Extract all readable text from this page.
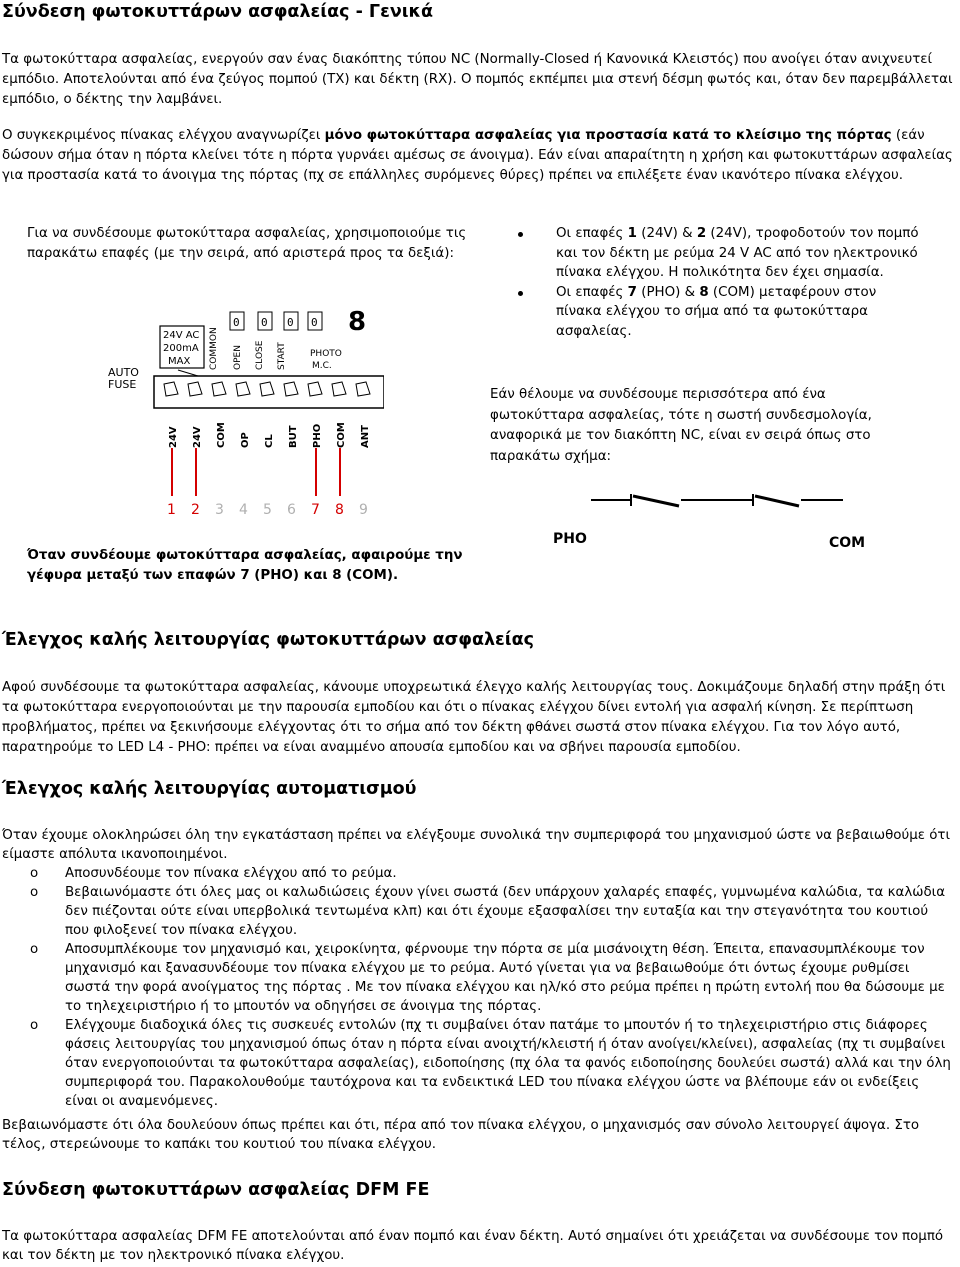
Σύνδεση φωτοκυττάρων ασφαλείας - Γενικά

Τα φωτοκύτταρα ασφαλείας, ενεργούν σαν ένας διακόπτης τύπου NC (Normally-Closed ή Κανονικά Κλειστός) που ανοίγει όταν ανιχνευτεί εμπόδιο. Αποτελούνται από ένα ζεύγος πομπού (TX) και δέκτη (RX). Ο πομπός εκπέμπει μια στενή δέσμη φωτός και, όταν δεν παρεμβάλλεται εμπόδιο, ο δέκτης την λαμβάνει.

Ο συγκεκριμένος πίνακας ελέγχου αναγνωρίζει μόνο φωτοκύτταρα ασφαλείας για προστασία κατά το κλείσιμο της πόρτας (εάν δώσουν σήμα όταν η πόρτα κλείνει τότε η πόρτα γυρνάει αμέσως σε άνοιγμα). Εάν είναι απαραίτητη η χρήση και φωτοκυττάρων ασφαλείας για προστασία κατά το άνοιγμα της πόρτας (πχ σε επάλληλες συρόμενες θύρες) πρέπει να επιλέξετε έναν ικανότερο πίνακα ελέγχου.

Για να συνδέσουμε φωτοκύτταρα ασφαλείας, χρησιμοποιούμε τις παρακάτω επαφές (με την σειρά, από αριστερά προς τα δεξιά):

Οι επαφές 1 (24V) & 2 (24V), τροφοδοτούν τον πομπό και τον δέκτη με ρεύμα 24 V AC από τον ηλεκτρονικό πίνακα ελέγχου. Η πολικότητα δεν έχει σημασία.
Οι επαφές 7 (PHO) & 8 (COM) μεταφέρουν στον πίνακα ελέγχου το σήμα από τα φωτοκύτταρα ασφαλείας.

Εάν θέλουμε να συνδέσουμε περισσότερα από ένα φωτοκύτταρα ασφαλείας, τότε η σωστή συνδεσμολογία, αναφορικά με τον διακόπτη NC, είναι εν σειρά όπως στο παρακάτω σχήμα:

AUTO
FUSE
24V AC
200mA
MAX COMMON OPEN CLOSE START	PHOTO
M.C.
0 0 0 0 8
24V 24V COM OP CL BUT PHO COM ANT
1 2 3 4 5 6 7 8 9
PHO	COM

Όταν συνδέουμε φωτοκύτταρα ασφαλείας, αφαιρούμε την γέφυρα μεταξύ των επαφών 7 (PHO) και 8 (COM).

Έλεγχος καλής λειτουργίας φωτοκυττάρων ασφαλείας

Αφού συνδέσουμε τα φωτοκύτταρα ασφαλείας, κάνουμε υποχρεωτικά έλεγχο καλής λειτουργίας τους. Δοκιμάζουμε δηλαδή στην πράξη ότι τα φωτοκύτταρα ενεργοποιούνται με την παρουσία εμποδίου και ότι ο πίνακας ελέγχου δίνει εντολή για ασφαλή κίνηση. Σε περίπτωση προβλήματος, πρέπει να ξεκινήσουμε ελέγχοντας ότι το σήμα από τον δέκτη φθάνει σωστά στον πίνακα ελέγχου. Για τον λόγο αυτό, παρατηρούμε το LED L4 - PHO: πρέπει να είναι αναμμένο απουσία εμποδίου και να σβήνει παρουσία εμποδίου.

Έλεγχος καλής λειτουργίας αυτοματισμού

Όταν έχουμε ολοκληρώσει όλη την εγκατάσταση πρέπει να ελέγξουμε συνολικά την συμπεριφορά του μηχανισμού ώστε να βεβαιωθούμε ότι είμαστε απόλυτα ικανοποιημένοι.

o Αποσυνδέουμε τον πίνακα ελέγχου από το ρεύμα.
o Βεβαιωνόμαστε ότι όλες μας οι καλωδιώσεις έχουν γίνει σωστά (δεν υπάρχουν χαλαρές επαφές, γυμνωμένα καλώδια, τα καλώδια δεν πιέζονται ούτε είναι υπερβολικά τεντωμένα κλπ) και ότι έχουμε εξασφαλίσει την ευταξία και την στεγανότητα του κουτιού που φιλοξενεί τον πίνακα ελέγχου.
o Αποσυμπλέκουμε τον μηχανισμό και, χειροκίνητα, φέρνουμε την πόρτα σε μία μισάνοιχτη θέση. Έπειτα, επανασυμπλέκουμε τον μηχανισμό και ξανασυνδέουμε τον πίνακα ελέγχου με το ρεύμα. Αυτό γίνεται για να βεβαιωθούμε ότι όντως έχουμε ρυθμίσει σωστά την φορά ανοίγματος της πόρτας . Με τον πίνακα ελέγχου και ηλ/κό στο ρεύμα πρέπει η πρώτη εντολή που θα δώσουμε με το τηλεχειριστήριο ή το μπουτόν να οδηγήσει σε άνοιγμα της πόρτας.
o Ελέγχουμε διαδοχικά όλες τις συσκευές εντολών (πχ τι συμβαίνει όταν πατάμε το μπουτόν ή το τηλεχειριστήριο στις διάφορες φάσεις λειτουργίας του μηχανισμού όπως όταν η πόρτα είναι ανοιχτή/κλειστή ή όταν ανοίγει/κλείνει), ασφαλείας (πχ τι συμβαίνει όταν ενεργοποιούνται τα φωτοκύτταρα ασφαλείας), ειδοποίησης (πχ όλα τα φανός ειδοποίησης δουλεύει σωστά) αλλά και την όλη συμπεριφορά του. Παρακολουθούμε ταυτόχρονα και τα ενδεικτικά LED του πίνακα ελέγχου ώστε να βλέπουμε εάν οι ενδείξεις είναι οι αναμενόμενες.

Βεβαιωνόμαστε ότι όλα δουλεύουν όπως πρέπει και ότι, πέρα από τον πίνακα ελέγχου, ο μηχανισμός σαν σύνολο λειτουργεί άψογα. Στο τέλος, στερεώνουμε το καπάκι του κουτιού του πίνακα ελέγχου.

Σύνδεση φωτοκυττάρων ασφαλείας DFM FE

Τα φωτοκύτταρα ασφαλείας DFM FE αποτελούνται από έναν πομπό και έναν δέκτη. Αυτό σημαίνει ότι χρειάζεται να συνδέσουμε τον πομπό και τον δέκτη με τον ηλεκτρονικό πίνακα ελέγχου.
